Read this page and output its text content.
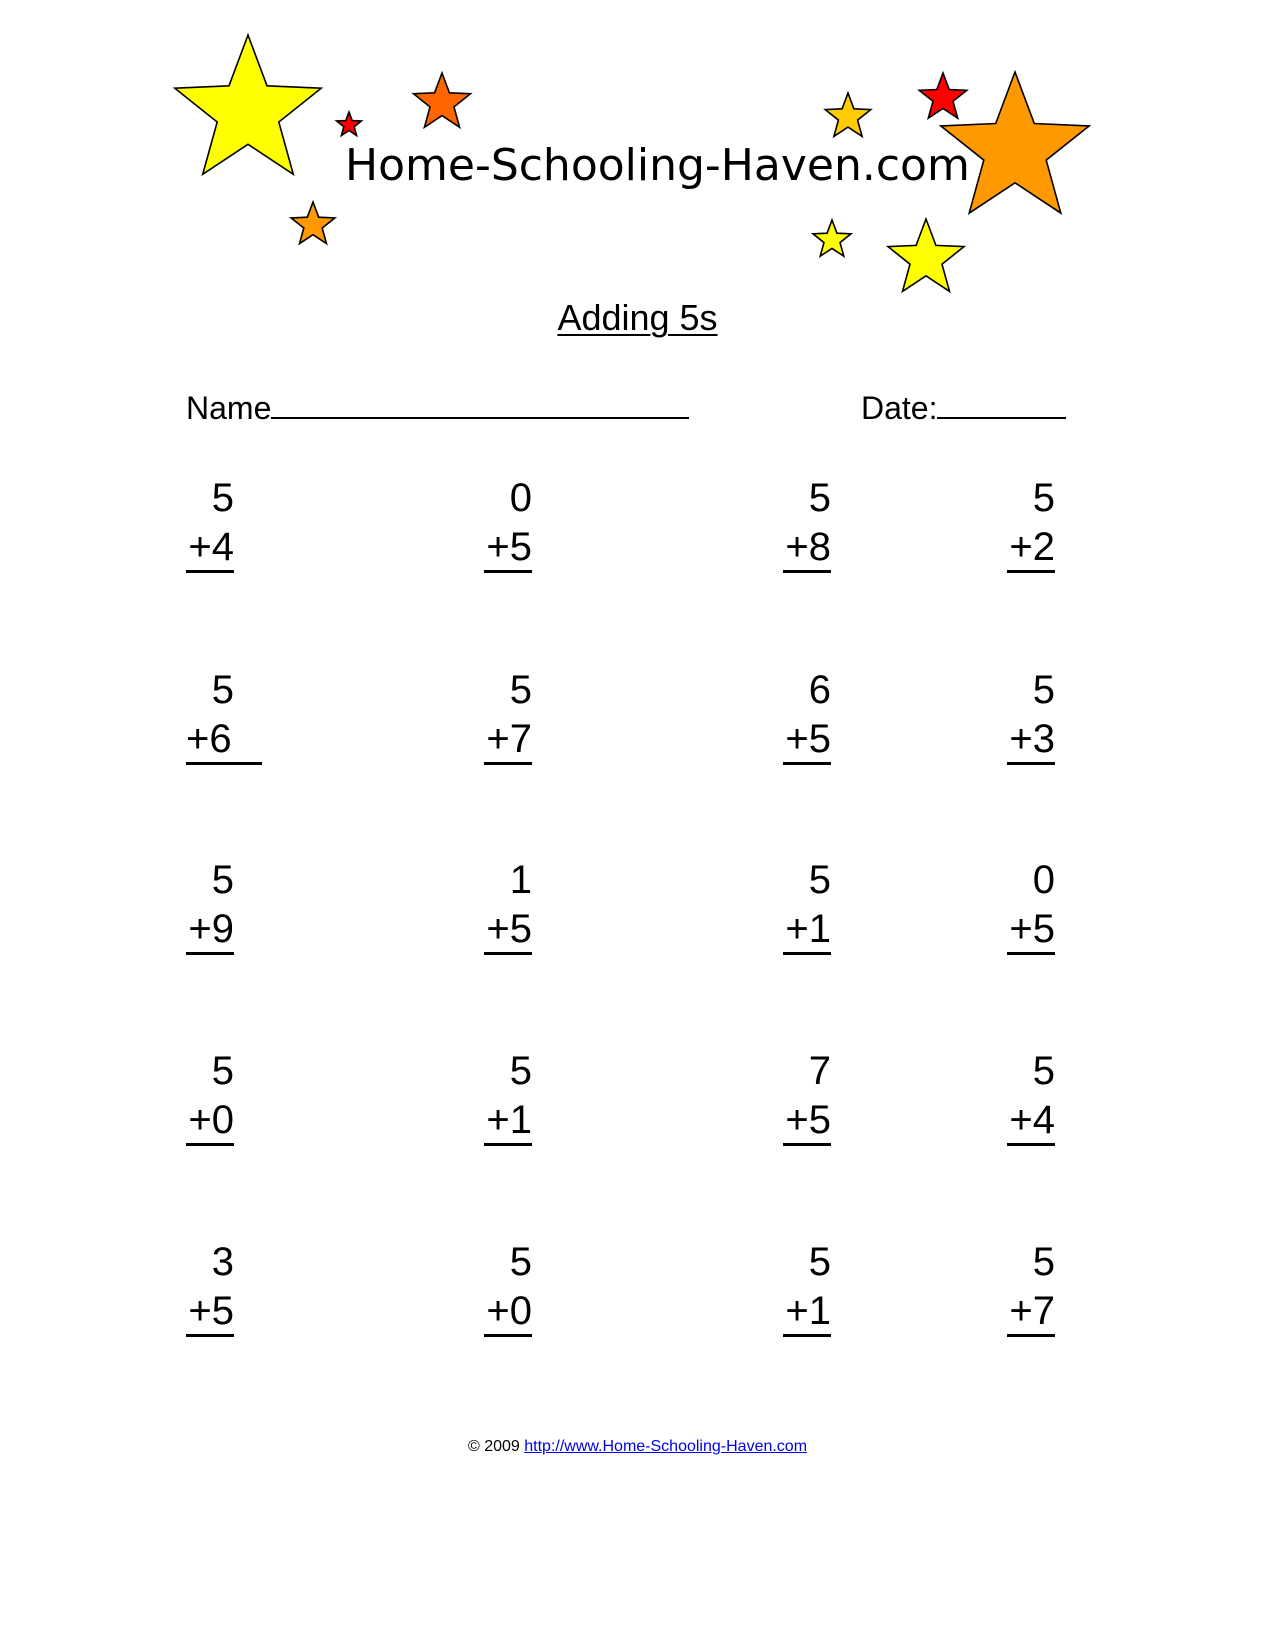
Home-Schooling-Haven.com
Adding 5s
Name	Date:
5
+4
0
+5
5
+8
5
+2
5
+6
5
+7
6
+5
5
+3
5
+9
1
+5
5
+1
0
+5
5
+0
5
+1
7
+5
5
+4
3
+5
5
+0
5
+1
5
+7
© 2009 http://www.Home-Schooling-Haven.com
